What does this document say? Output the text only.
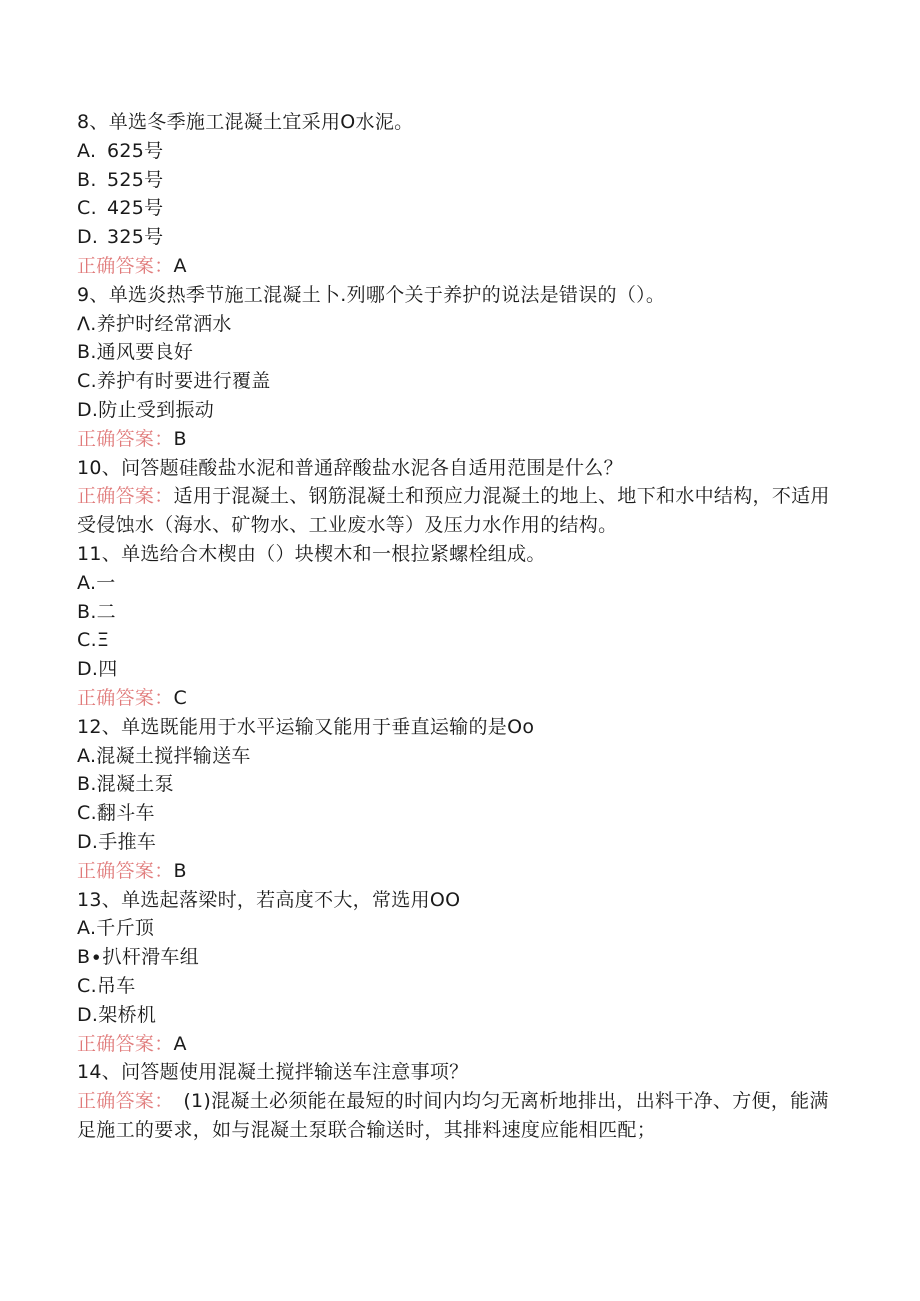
8、单选冬季施工混凝土宜采用O水泥。
A. 625号
B. 525号
C. 425号
D. 325号
正确答案：A
9、单选炎热季节施工混凝土卜.列哪个关于养护的说法是错误的（）。
Λ.养护时经常洒水
B.通风要良好
C.养护有时要进行覆盖
D.防止受到振动
正确答案：B
10、问答题硅酸盐水泥和普通辞酸盐水泥各自适用范围是什么？
正确答案：适用于混凝土、钢筋混凝土和预应力混凝土的地上、地下和水中结构，不适用受侵蚀水（海水、矿物水、工业废水等）及压力水作用的结构。
11、单选给合木楔由（）块楔木和一根拉紧螺栓组成。
A.一
B.二
C.Ξ
D.四
正确答案：C
12、单选既能用于水平运输又能用于垂直运输的是Oo
A.混凝土搅拌输送车
B.混凝土泵
C.翻斗车
D.手推车
正确答案：B
13、单选起落梁时，若高度不大，常选用OO
A.千斤顶
B∙扒杆滑车组
C.吊车
D.架桥机
正确答案：A
14、问答题使用混凝土搅拌输送车注意事项？
正确答案：　(1)混凝土必须能在最短的时间内均匀无离析地排出，出料干净、方便，能满足施工的要求，如与混凝土泵联合输送时，其排料速度应能相匹配；
